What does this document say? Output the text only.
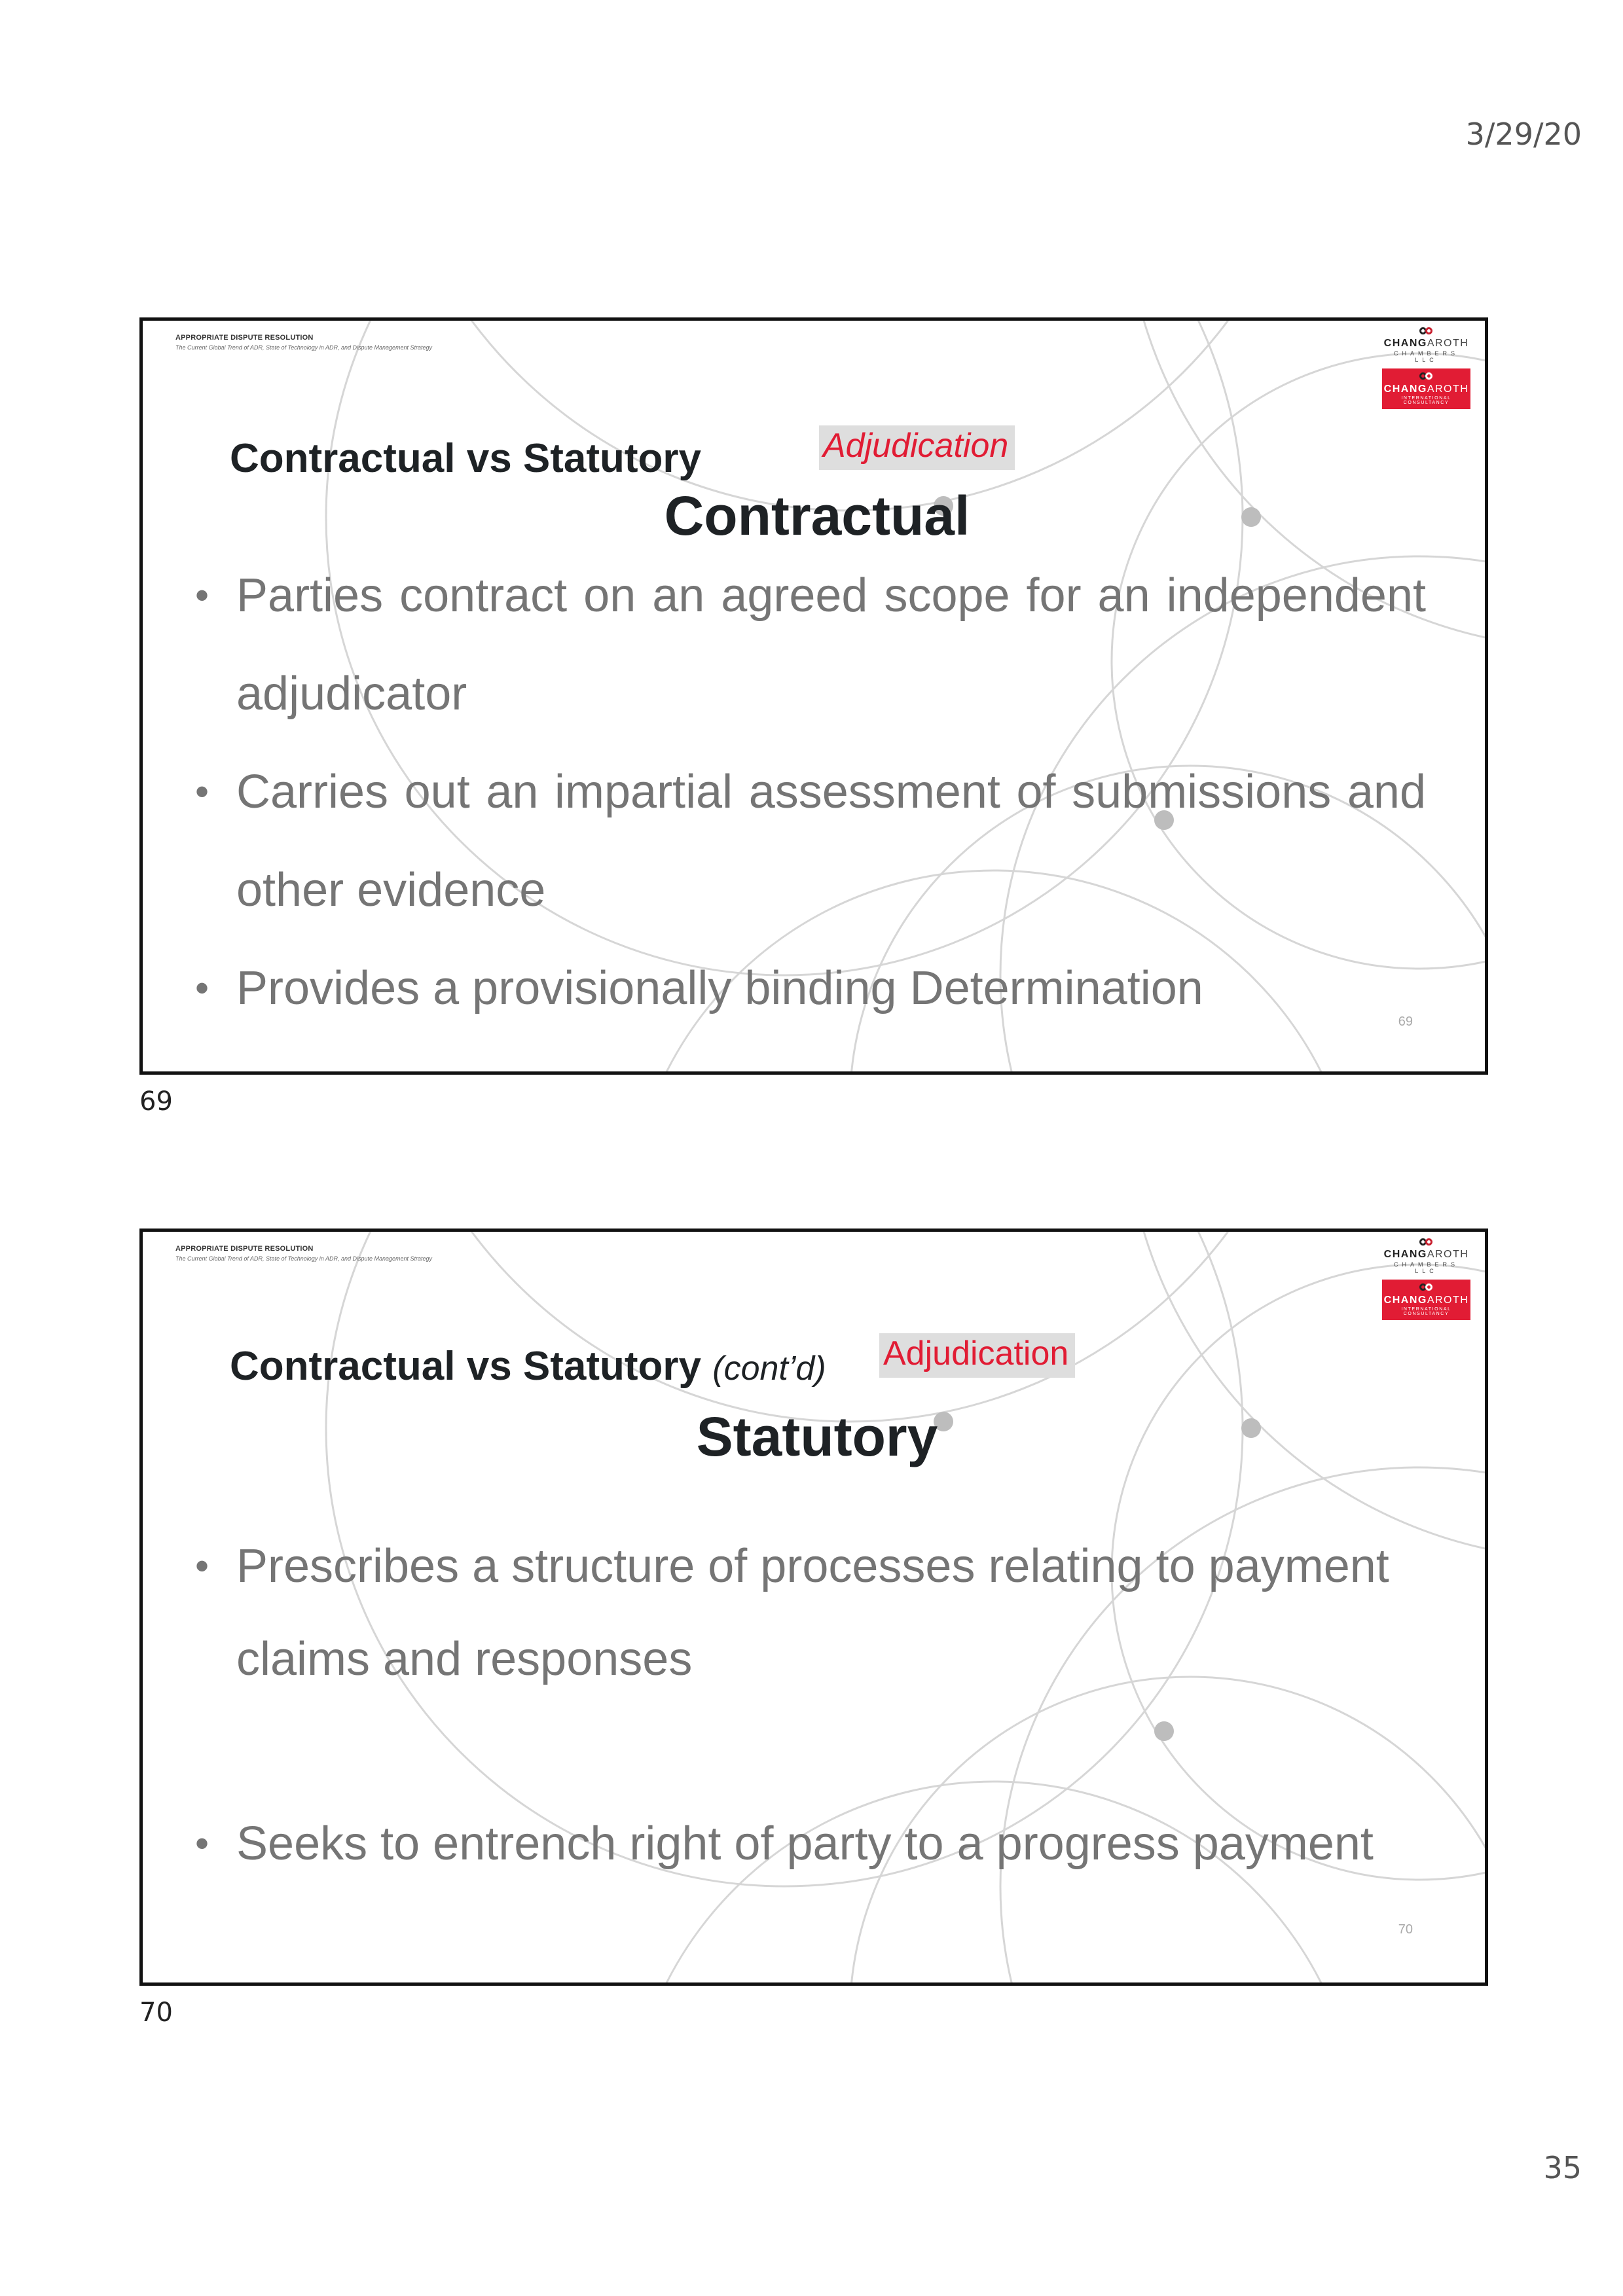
3/29/20
APPROPRIATE DISPUTE RESOLUTION
The Current Global Trend of ADR, State of Technology in ADR, and Dispute Management Strategy	CHANGAROTH
CHAMBERS LLC
CHANGAROTH
INTERNATIONAL CONSULTANCY
Contractual vs Statutory	Adjudication
Contractual
• Parties contract on an agreed scope for an independent adjudicator
• Carries out an impartial assessment of submissions and other evidence
• Provides a provisionally binding Determination
69
69
APPROPRIATE DISPUTE RESOLUTION
The Current Global Trend of ADR, State of Technology in ADR, and Dispute Management Strategy	CHANGAROTH
CHAMBERS LLC
CHANGAROTH
INTERNATIONAL CONSULTANCY
Contractual vs Statutory (cont’d) Adjudication
Statutory
• Prescribes a structure of processes relating to payment claims and responses
• Seeks to entrench right of party to a progress payment
70
70
35
